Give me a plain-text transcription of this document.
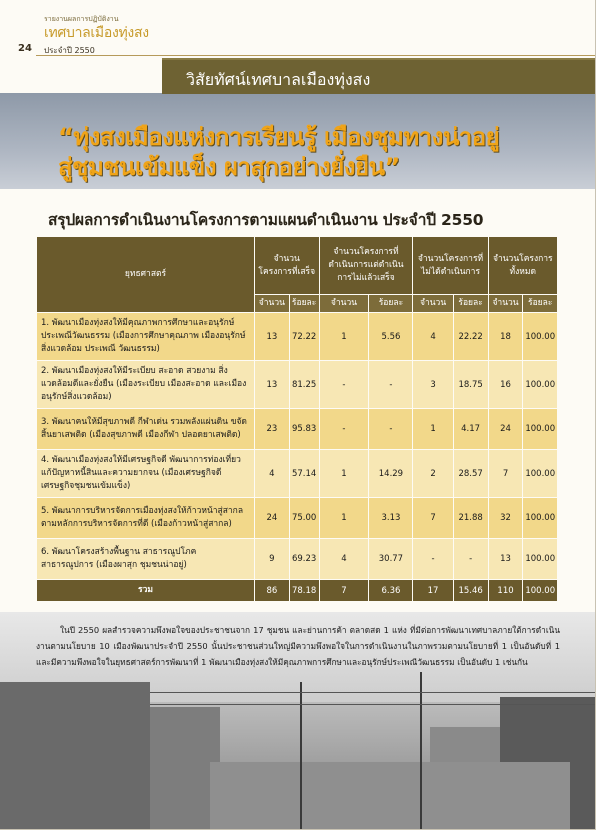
รายงานผลการปฏิบัติงาน
เทศบาลเมืองทุ่งสง
24 ประจำปี 2550
วิสัยทัศน์เทศบาลเมืองทุ่งสง
“ทุ่งสงเมืองแห่งการเรียนรู้ เมืองชุมทางน่าอยู่
สู่ชุมชนเข้มแข็ง ผาสุกอย่างยั่งยืน”
สรุปผลการดำเนินงานโครงการตามแผนดำเนินงาน ประจำปี 2550
ยุทธศาสตร์	จำนวนโครงการที่เสร็จ		จำนวนโครงการที่ดำเนินการแต่ดำเนินการไม่แล้วเสร็จ		จำนวนโครงการที่ไม่ได้ดำเนินการ		จำนวนโครงการทั้งหมด	
	จำนวน	ร้อยละ	จำนวน	ร้อยละ	จำนวน	ร้อยละ	จำนวน	ร้อยละ
1. พัฒนาเมืองทุ่งสงให้มีคุณภาพการศึกษาและอนุรักษ์ประเพณีวัฒนธรรม (เมืองการศึกษาคุณภาพ เมืองอนุรักษ์ สิ่งแวดล้อม ประเพณี วัฒนธรรม)	13	72.22	1	5.56	4	22.22	18	100.00
2. พัฒนาเมืองทุ่งสงให้มีระเบียบ สะอาด สวยงาม สิ่งแวดล้อมดีและยั่งยืน (เมืองระเบียบ เมืองสะอาด และเมืองอนุรักษ์สิ่งแวดล้อม)	13	81.25	-	-	3	18.75	16	100.00
3. พัฒนาคนให้มีสุขภาพดี กีฬาเด่น รวมพลังแผ่นดิน ขจัดสิ้นยาเสพติด (เมืองสุขภาพดี เมืองกีฬา ปลอดยาเสพติด)	23	95.83	-	-	1	4.17	24	100.00
4. พัฒนาเมืองทุ่งสงให้มีเศรษฐกิจดี พัฒนาการท่องเที่ยว แก้ปัญหาหนี้สินและความยากจน (เมืองเศรษฐกิจดี เศรษฐกิจชุมชนเข้มแข็ง)	4	57.14	1	14.29	2	28.57	7	100.00
5. พัฒนาการบริหารจัดการเมืองทุ่งสงให้ก้าวหน้าสู่สากล ตามหลักการบริหารจัดการที่ดี (เมืองก้าวหน้าสู่สากล)	24	75.00	1	3.13	7	21.88	32	100.00
6. พัฒนาโครงสร้างพื้นฐาน สาธารณูปโภค สาธารณูปการ (เมืองผาสุก ชุมชนน่าอยู่)	9	69.23	4	30.77	-	-	13	100.00
รวม	86	78.18	7	6.36	17	15.46	110	100.00
ในปี 2550 ผลสำรวจความพึงพอใจของประชาชนจาก 17 ชุมชน และย่านการค้า ตลาดสด 1 แห่ง ที่มีต่อการพัฒนาเทศบาลภายใต้การดำเนินงานตามนโยบาย 10 เมืองพัฒนาประจำปี 2550 นั้นประชาชนส่วนใหญ่มีความพึงพอใจในการดำเนินงานในภาพรวมตามนโยบายที่ 1 เป็นอันดับที่ 1 และมีความพึงพอใจในยุทธศาสตร์การพัฒนาที่ 1 พัฒนาเมืองทุ่งสงให้มีคุณภาพการศึกษาและอนุรักษ์ประเพณีวัฒนธรรม เป็นอันดับ 1 เช่นกัน
